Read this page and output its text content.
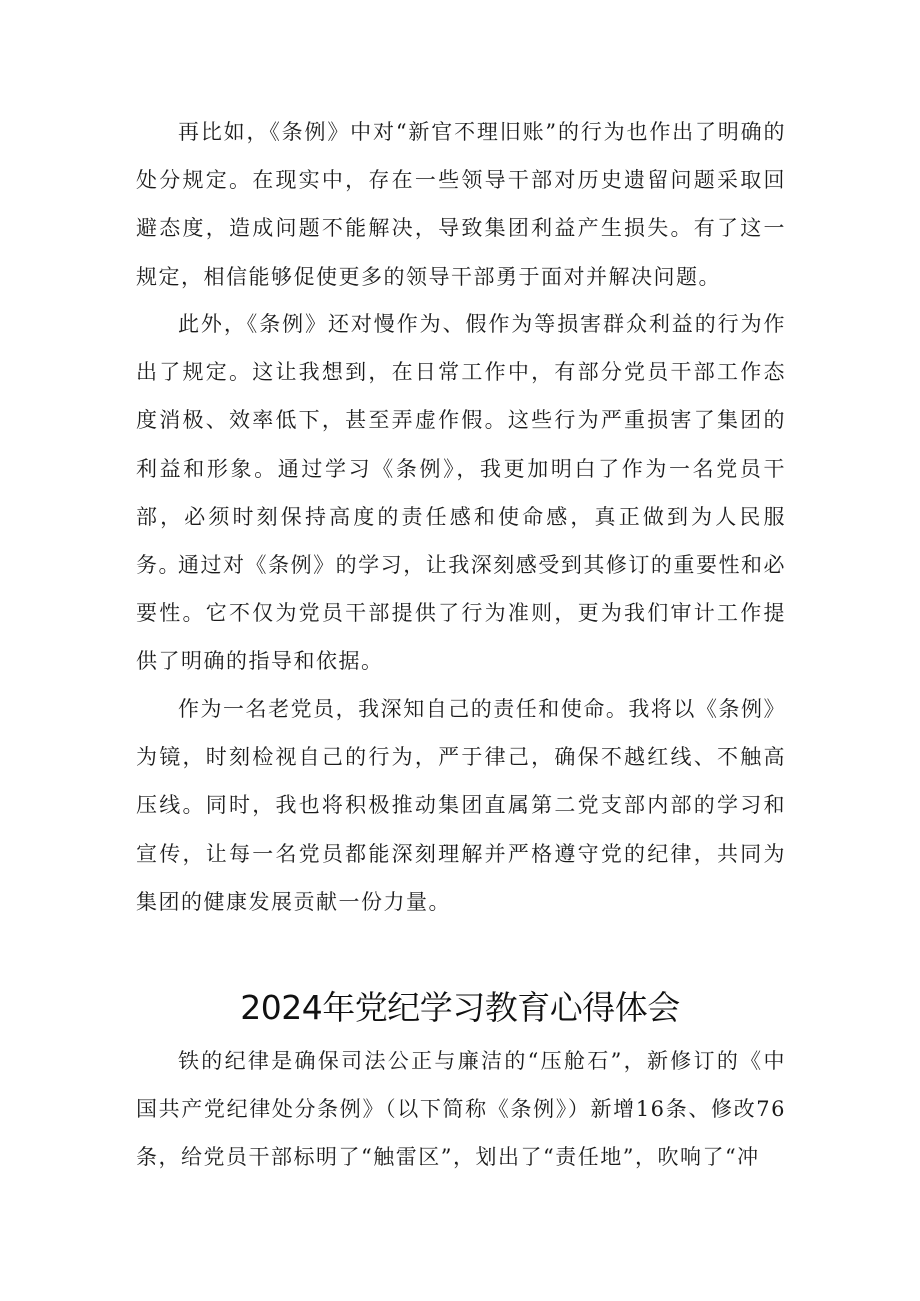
再比如，《条例》中对“新官不理旧账”的行为也作出了明确的处分规定。在现实中，存在一些领导干部对历史遗留问题采取回避态度，造成问题不能解决，导致集团利益产生损失。有了这一规定，相信能够促使更多的领导干部勇于面对并解决问题。

此外，《条例》还对慢作为、假作为等损害群众利益的行为作出了规定。这让我想到，在日常工作中，有部分党员干部工作态度消极、效率低下，甚至弄虚作假。这些行为严重损害了集团的利益和形象。通过学习《条例》，我更加明白了作为一名党员干部，必须时刻保持高度的责任感和使命感，真正做到为人民服务。

通过对《条例》的学习，让我深刻感受到其修订的重要性和必要性。它不仅为党员干部提供了行为准则，更为我们审计工作提供了明确的指导和依据。

作为一名老党员，我深知自己的责任和使命。我将以《条例》为镜，时刻检视自己的行为，严于律己，确保不越红线、不触高压线。同时，我也将积极推动集团直属第二党支部内部的学习和宣传，让每一名党员都能深刻理解并严格遵守党的纪律，共同为集团的健康发展贡献一份力量。

2024年党纪学习教育心得体会

铁的纪律是确保司法公正与廉洁的“压舱石”，新修订的《中国共产党纪律处分条例》（以下简称《条例》）新增16条、修改76条，给党员干部标明了“触雷区”，划出了“责任地”，吹响了“冲
